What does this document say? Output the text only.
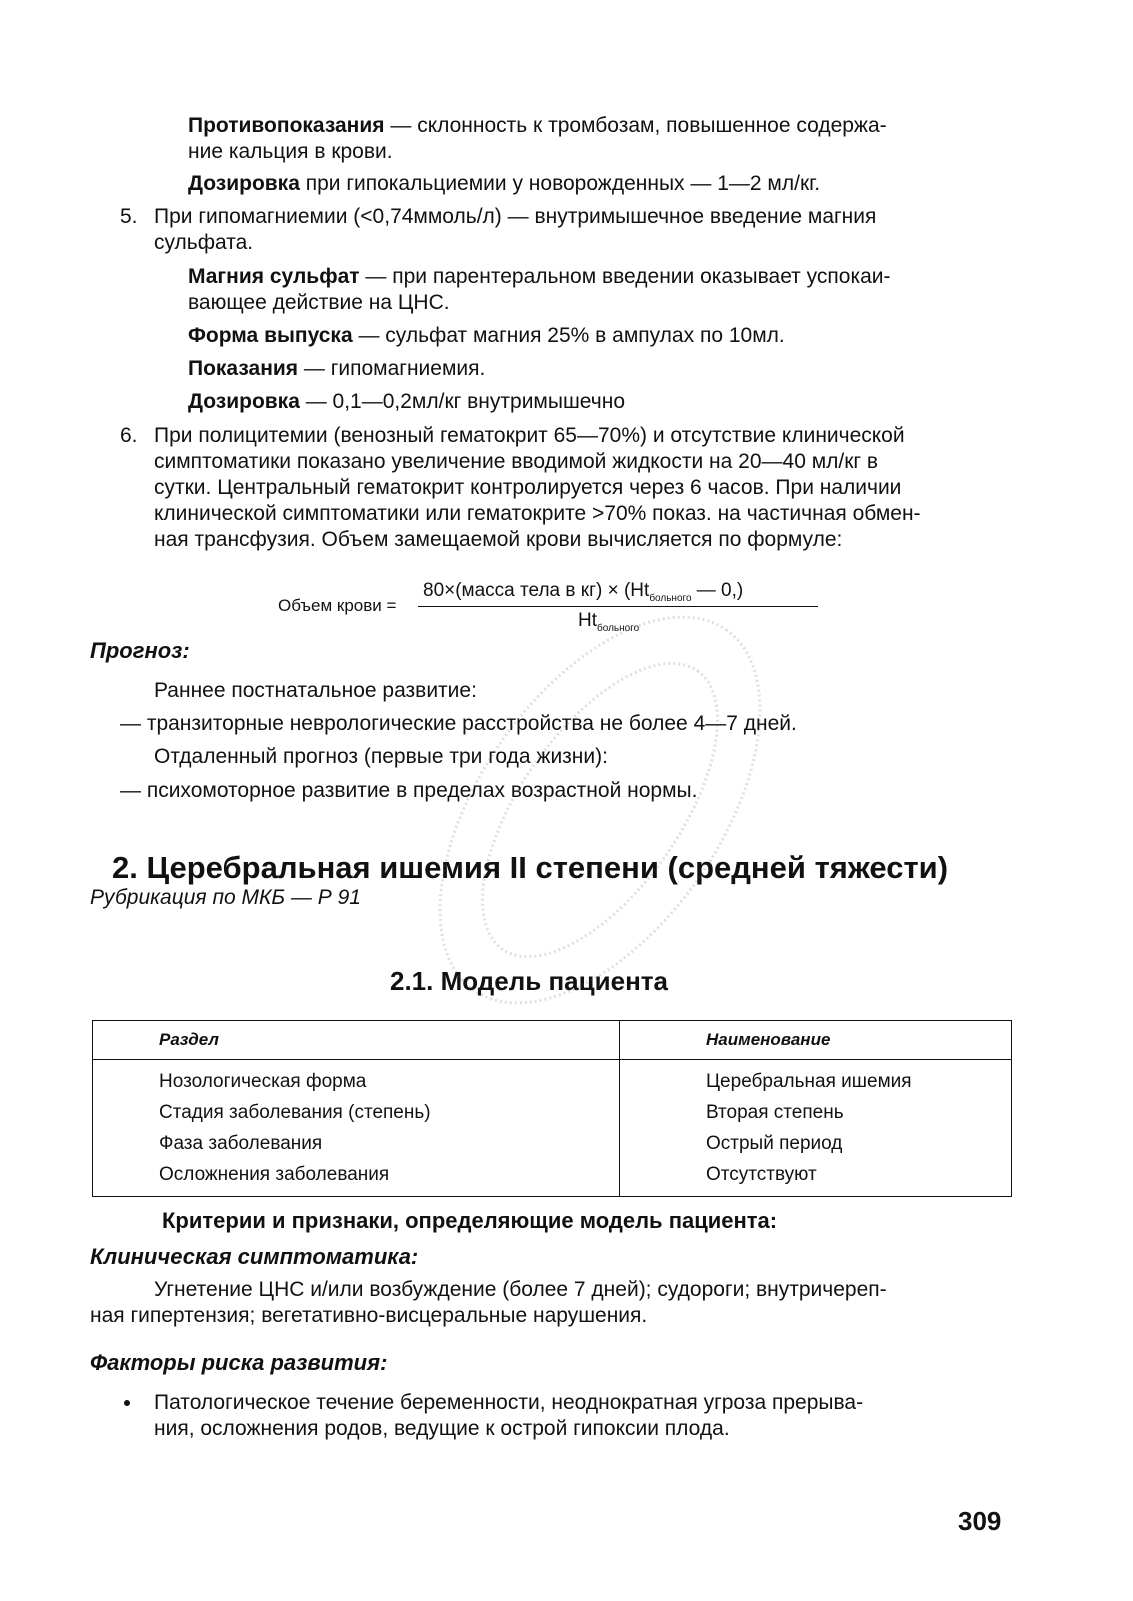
Противопоказания — склонность к тромбозам, повышенное содержа-
ние кальция в крови.
Дозировка при гипокальциемии у новорожденных — 1—2 мл/кг.
5. При гипомагниемии (<0,74ммоль/л) — внутримышечное введение магния
сульфата.
Магния сульфат — при парентеральном введении оказывает успокаи-
вающее действие на ЦНС.
Форма выпуска — сульфат магния 25% в ампулах по 10мл.
Показания — гипомагниемия.
Дозировка — 0,1—0,2мл/кг внутримышечно
6. При полицитемии (венозный гематокрит 65—70%) и отсутствие клинической
симптоматики показано увеличение вводимой жидкости на 20—40 мл/кг в
сутки. Центральный гематокрит контролируется через 6 часов. При наличии
клинической симптоматики или гематокрите >70% показ. на частичная обмен-
ная трансфузия. Объем замещаемой крови вычисляется по формуле:
Объем крови =
80×(масса тела в $кг) \times (Ht_{больного}$ — 0,)
$Ht_{больного}$
Прогноз:
Раннее постнатальное развитие:
— транзиторные неврологические расстройства не более 4—7 дней.
Отдаленный прогноз (первые три года жизни):
— психомоторное развитие в пределах возрастной нормы.
2. Церебральная ишемия II степени (средней тяжести)
Рубрикация по МКБ — Р 91
2.1. Модель пациента
Раздел	Наименование
Нозологическая форма	Церебральная ишемия
Стадия заболевания (степень)	Вторая степень
Фаза заболевания	Острый период
Осложнения заболевания	Отсутствуют
Критерии и признаки, определяющие модель пациента:
Клиническая симптоматика:
Угнетение ЦНС и/или возбуждение (более 7 дней); судороги; внутричереп-
ная гипертензия; вегетативно-висцеральные нарушения.
Факторы риска развития:
Патологическое течение беременности, неоднократная угроза прерыва-
ния, осложнения родов, ведущие к острой гипоксии плода.
309
